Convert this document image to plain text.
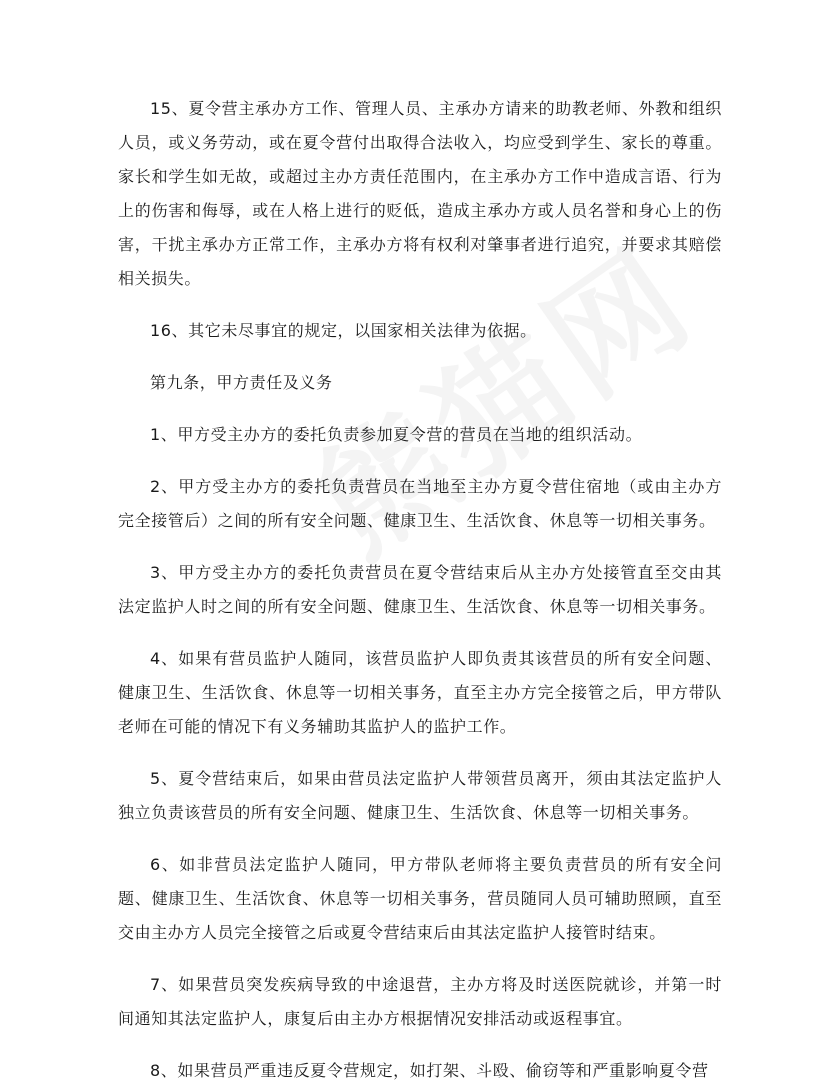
15、夏令营主承办方工作、管理人员、主承办方请来的助教老师、外教和组织人员，或义务劳动，或在夏令营付出取得合法收入，均应受到学生、家长的尊重。家长和学生如无故，或超过主办方责任范围内，在主承办方工作中造成言语、行为上的伤害和侮辱，或在人格上进行的贬低，造成主承办方或人员名誉和身心上的伤害，干扰主承办方正常工作，主承办方将有权利对肇事者进行追究，并要求其赔偿相关损失。

16、其它未尽事宜的规定，以国家相关法律为依据。

第九条，甲方责任及义务

1、甲方受主办方的委托负责参加夏令营的营员在当地的组织活动。

2、甲方受主办方的委托负责营员在当地至主办方夏令营住宿地（或由主办方完全接管后）之间的所有安全问题、健康卫生、生活饮食、休息等一切相关事务。

3、甲方受主办方的委托负责营员在夏令营结束后从主办方处接管直至交由其法定监护人时之间的所有安全问题、健康卫生、生活饮食、休息等一切相关事务。

4、如果有营员监护人随同，该营员监护人即负责其该营员的所有安全问题、健康卫生、生活饮食、休息等一切相关事务，直至主办方完全接管之后，甲方带队老师在可能的情况下有义务辅助其监护人的监护工作。

5、夏令营结束后，如果由营员法定监护人带领营员离开，须由其法定监护人独立负责该营员的所有安全问题、健康卫生、生活饮食、休息等一切相关事务。

6、如非营员法定监护人随同，甲方带队老师将主要负责营员的所有安全问题、健康卫生、生活饮食、休息等一切相关事务，营员随同人员可辅助照顾，直至交由主办方人员完全接管之后或夏令营结束后由其法定监护人接管时结束。

7、如果营员突发疾病导致的中途退营，主办方将及时送医院就诊，并第一时间通知其法定监护人，康复后由主办方根据情况安排活动或返程事宜。

8、如果营员严重违反夏令营规定，如打架、斗殴、偷窃等和严重影响夏令营
